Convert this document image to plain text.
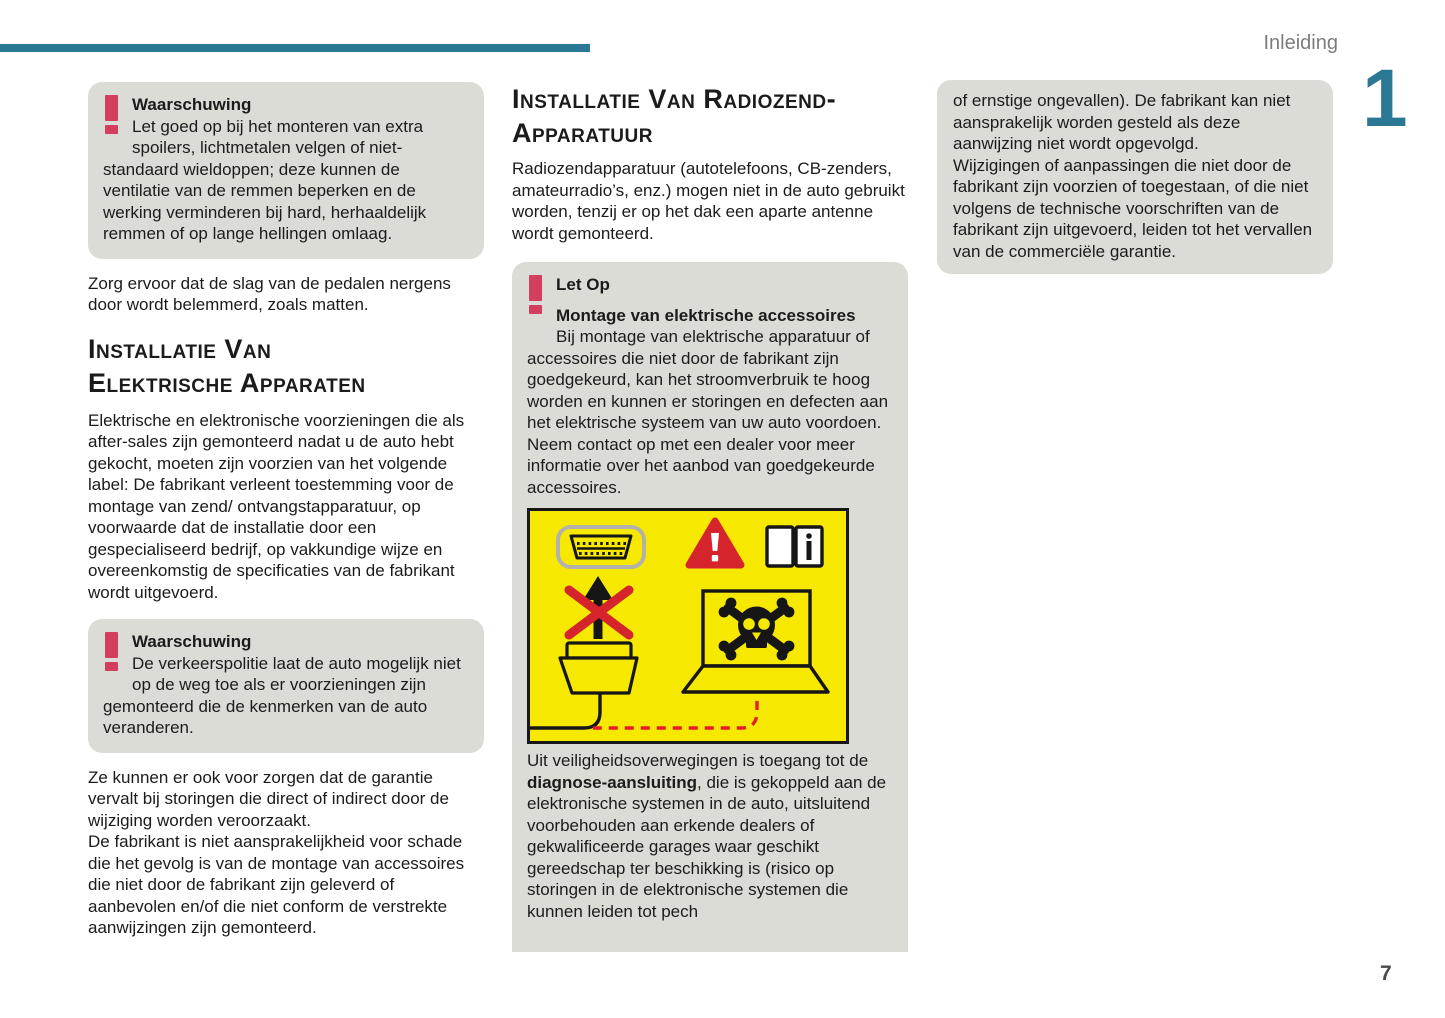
Inleiding
1
Waarschuwing

Let goed op bij het monteren van extra spoilers, lichtmetalen velgen of niet-standaard wieldoppen; deze kunnen de ventilatie van de remmen beperken en de werking verminderen bij hard, herhaaldelijk remmen of op lange hellingen omlaag.

Zorg ervoor dat de slag van de pedalen nergens door wordt belemmerd, zoals matten.

Installatie Van
Elektrische Apparaten

Elektrische en elektronische voorzieningen die als after-sales zijn gemonteerd nadat u de auto hebt gekocht, moeten zijn voorzien van het volgende label: De fabrikant verleent toestemming voor de montage van zend/ ontvangstapparatuur, op voorwaarde dat de installatie door een gespecialiseerd bedrijf, op vakkundige wijze en overeenkomstig de specificaties van de fabrikant wordt uitgevoerd.

Waarschuwing

De verkeerspolitie laat de auto mogelijk niet op de weg toe als er voorzieningen zijn gemonteerd die de kenmerken van de auto veranderen.

Ze kunnen er ook voor zorgen dat de garantie vervalt bij storingen die direct of indirect door de wijziging worden veroorzaakt.

De fabrikant is niet aansprakelijkheid voor schade die het gevolg is van de montage van accessoires die niet door de fabrikant zijn geleverd of aanbevolen en/of die niet conform de verstrekte aanwijzingen zijn gemonteerd.

Installatie Van Radiozend-
Apparatuur

Radiozendapparatuur (autotelefoons, CB-zenders, amateurradio’s, enz.) mogen niet in de auto gebruikt worden, tenzij er op het dak een aparte antenne wordt gemonteerd.

Let Op
Montage van elektrische accessoires

Bij montage van elektrische apparatuur of accessoires die niet door de fabrikant zijn goedgekeurd, kan het stroomverbruik te hoog worden en kunnen er storingen en defecten aan het elektrische systeem van uw auto voordoen.

Neem contact op met een dealer voor meer informatie over het aanbod van goedgekeurde accessoires.

Uit veiligheidsoverwegingen is toegang tot de diagnose-aansluiting, die is gekoppeld aan de elektronische systemen in de auto, uitsluitend voorbehouden aan erkende dealers of gekwalificeerde garages waar geschikt gereedschap ter beschikking is (risico op storingen in de elektronische systemen die kunnen leiden tot pech

of ernstige ongevallen). De fabrikant kan niet aansprakelijk worden gesteld als deze aanwijzing niet wordt opgevolgd.

Wijzigingen of aanpassingen die niet door de fabrikant zijn voorzien of toegestaan, of die niet volgens de technische voorschriften van de fabrikant zijn uitgevoerd, leiden tot het vervallen van de commerciële garantie.

7
